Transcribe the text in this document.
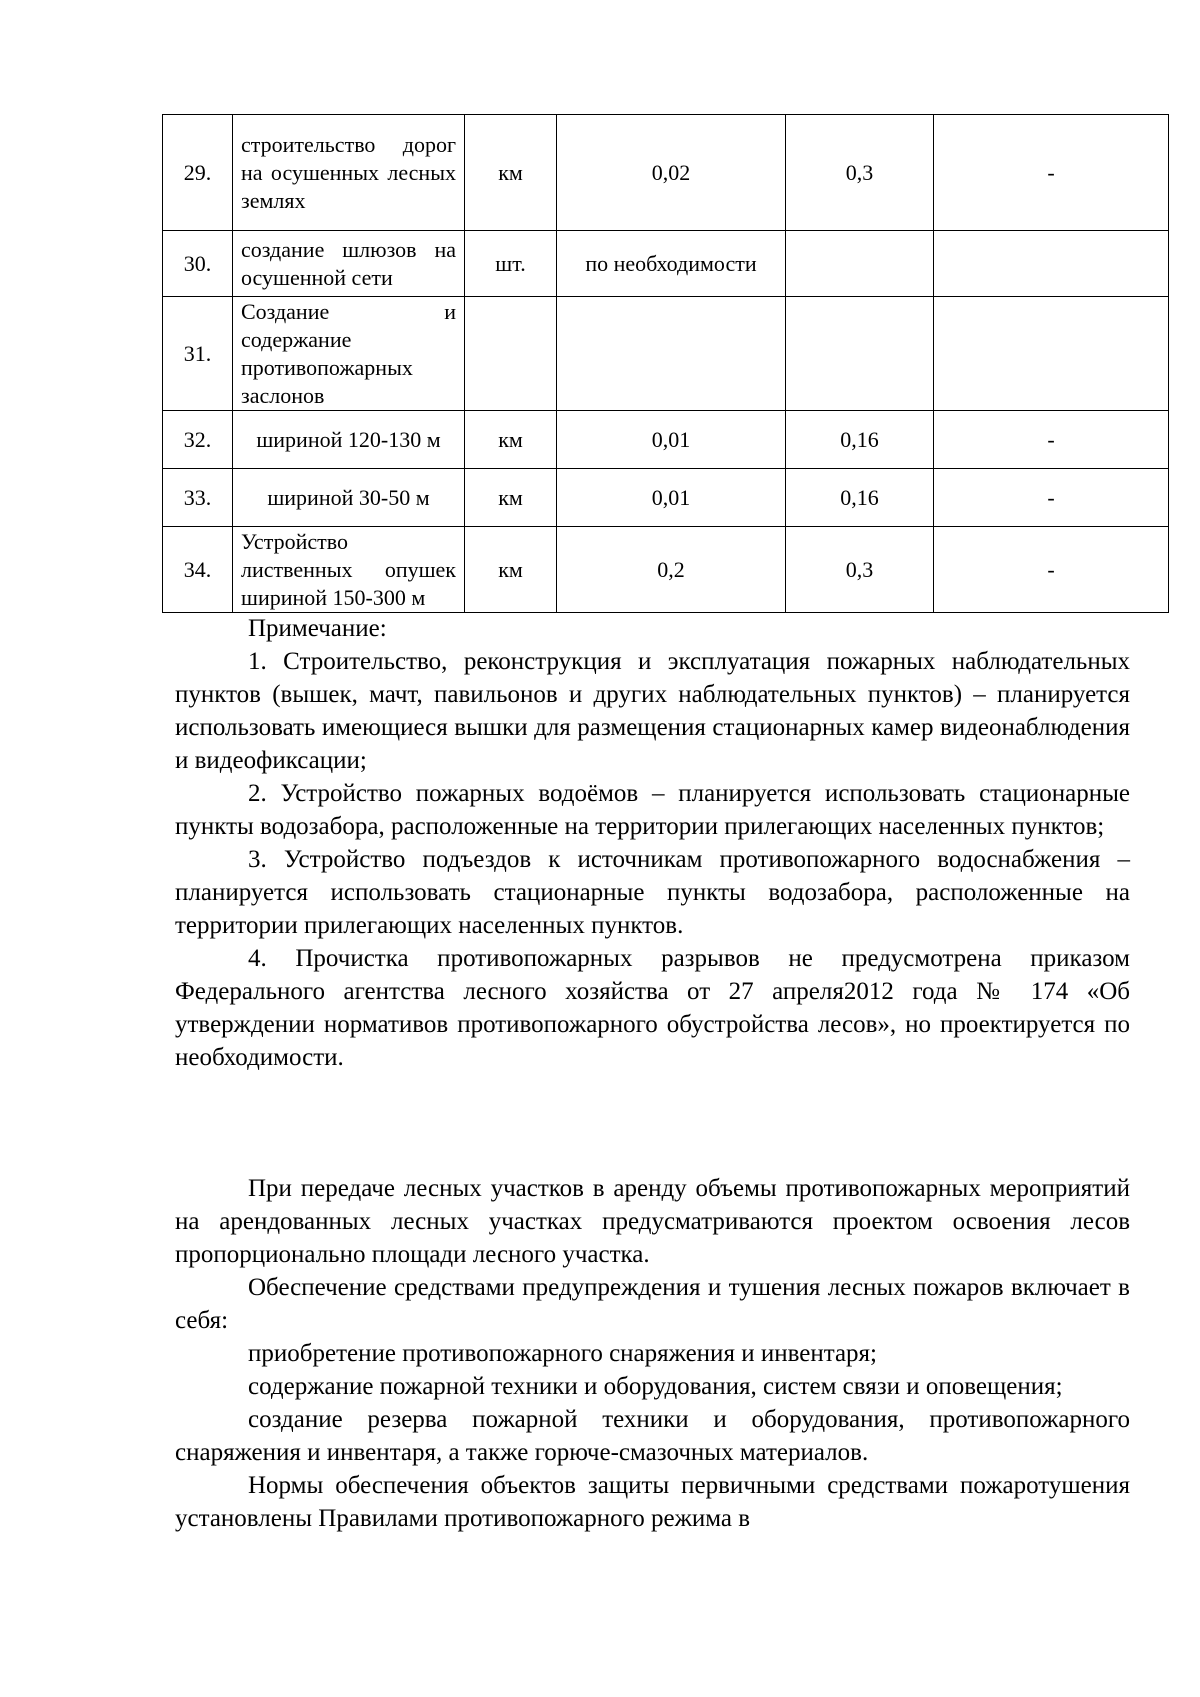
29.	строительство дорог на осушенных лесных землях	км	0,02	0,3	-
30.	создание шлюзов на осушенной сети	шт.	по необходимости		
31.	Создание и содержание противопожарных заслонов				
32.	шириной 120-130 м	км	0,01	0,16	-
33.	шириной 30-50 м	км	0,01	0,16	-
34.	Устройство лиственных опушек шириной 150-300 м	км	0,2	0,3	-

Примечание:

1. Строительство, реконструкция и эксплуатация пожарных наблюдательных пунктов (вышек, мачт, павильонов и других наблюдательных пунктов) – планируется использовать имеющиеся вышки для размещения стационарных камер видеонаблюдения и видеофиксации;

2. Устройство пожарных водоёмов – планируется использовать стационарные пункты водозабора, расположенные на территории прилегающих населенных пунктов;

3. Устройство подъездов к источникам противопожарного водоснабжения – планируется использовать стационарные пункты водозабора, расположенные на территории прилегающих населенных пунктов.

4. Прочистка противопожарных разрывов не предусмотрена приказом Федерального агентства лесного хозяйства от 27 апреля2012 года № 174 «Об утверждении нормативов противопожарного обустройства лесов», но проектируется по необходимости.

При передаче лесных участков в аренду объемы противопожарных мероприятий на арендованных лесных участках предусматриваются проектом освоения лесов пропорционально площади лесного участка.

Обеспечение средствами предупреждения и тушения лесных пожаров включает в себя:

приобретение противопожарного снаряжения и инвентаря;

содержание пожарной техники и оборудования, систем связи и оповещения;

создание резерва пожарной техники и оборудования, противопожарного снаряжения и инвентаря, а также горюче-смазочных материалов.

Нормы обеспечения объектов защиты первичными средствами пожаротушения установлены Правилами противопожарного режима в
